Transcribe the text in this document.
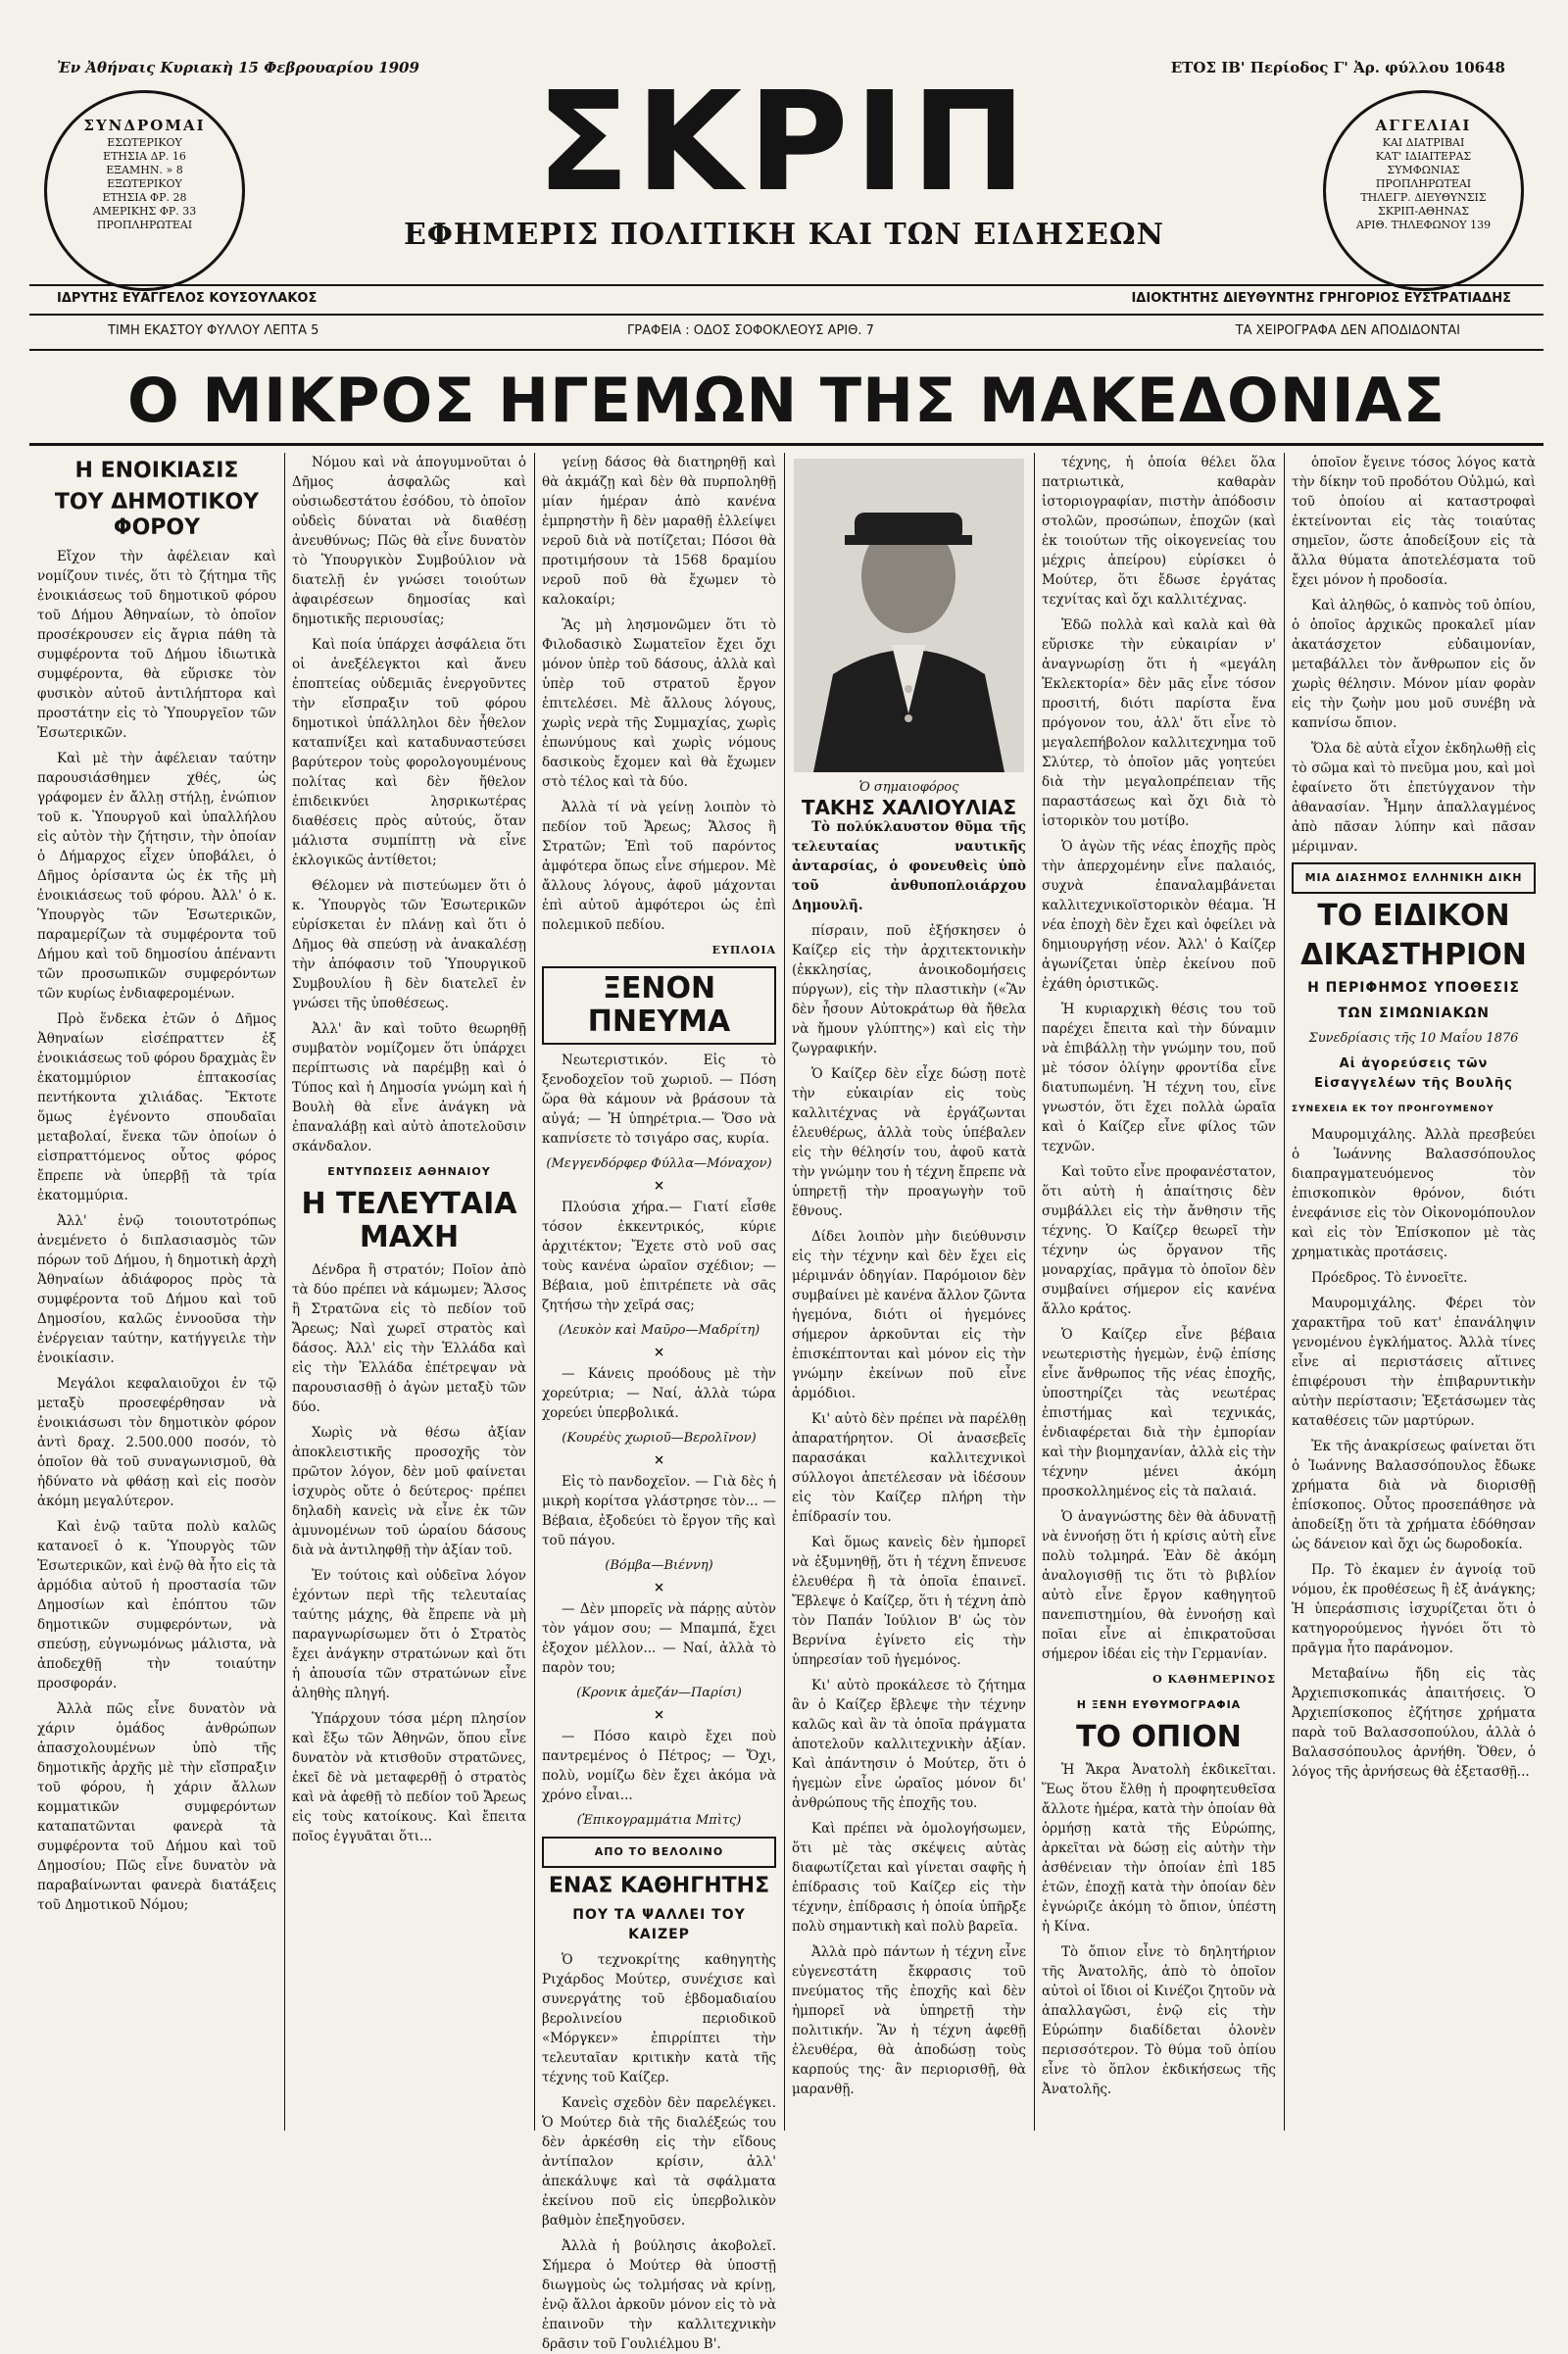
Ἐν Ἀθήναις Κυριακὴ 15 Φεβρουαρίου 1909	ΕΤΟΣ ΙΒ' Περίοδος Γ' Ἀρ. φύλλου 10648
ΣΥΝΔΡΟΜΑΙ
ΕΣΩΤΕΡΙΚΟΥ
ΕΤΗΣΙΑ ΔΡ. 16
ΕΞΑΜΗΝ. » 8
ΕΞΩΤΕΡΙΚΟΥ
ΕΤΗΣΙΑ ΦΡ. 28
ΑΜΕΡΙΚΗΣ ΦΡ. 33
ΠΡΟΠΛΗΡΩΤΕΑΙ
ΑΓΓΕΛΙΑΙ
ΚΑΙ ΔΙΑΤΡΙΒΑΙ
ΚΑΤ' ΙΔΙΑΙΤΕΡΑΣ
ΣΥΜΦΩΝΙΑΣ
ΠΡΟΠΛΗΡΩΤΕΑΙ
ΤΗΛΕΓΡ. ΔΙΕΥΘΥΝΣΙΣ
ΣΚΡΙΠ-ΑΘΗΝΑΣ
ΑΡΙΘ. ΤΗΛΕΦΩΝΟΥ 139
ΣΚΡΙΠ
ΕΦΗΜΕΡΙΣ ΠΟΛΙΤΙΚΗ ΚΑΙ ΤΩΝ ΕΙΔΗΣΕΩΝ
ΙΔΡΥΤΗΣ ΕΥΑΓΓΕΛΟΣ ΚΟΥΣΟΥΛΑΚΟΣ	ΙΔΙΟΚΤΗΤΗΣ ΔΙΕΥΘΥΝΤΗΣ ΓΡΗΓΟΡΙΟΣ ΕΥΣΤΡΑΤΙΑΔΗΣ
ΤΙΜΗ ΕΚΑΣΤΟΥ ΦΥΛΛΟΥ ΛΕΠΤΑ 5	ΓΡΑΦΕΙΑ : ΟΔΟΣ ΣΟΦΟΚΛΕΟΥΣ ΑΡΙΘ. 7	ΤΑ ΧΕΙΡΟΓΡΑΦΑ ΔΕΝ ΑΠΟΔΙΔΟΝΤΑΙ
Ο ΜΙΚΡΟΣ ΗΓΕΜΩΝ ΤΗΣ ΜΑΚΕΔΟΝΙΑΣ
Η ΕΝΟΙΚΙΑΣΙΣ
ΤΟΥ ΔΗΜΟΤΙΚΟΥ ΦΟΡΟΥ

Εἴχον τὴν ἀφέλειαν καὶ νομίζουν τινές, ὅτι τὸ ζήτημα τῆς ἐνοικιάσεως τοῦ δημοτικοῦ φόρου τοῦ Δήμου Ἀθηναίων, τὸ ὁποῖον προσέκρουσεν εἰς ἄγρια πάθη τὰ συμφέροντα τοῦ Δήμου ἰδιωτικὰ συμφέροντα, θὰ εὕρισκε τὸν φυσικὸν αὐτοῦ ἀντιλήπτορα καὶ προστάτην εἰς τὸ Ὑπουργεῖον τῶν Ἐσωτερικῶν.

Καὶ μὲ τὴν ἀφέλειαν ταύτην παρουσιάσθημεν χθές, ὡς γράφομεν ἐν ἄλλῃ στήλῃ, ἐνώπιον τοῦ κ. Ὑπουργοῦ καὶ ὑπαλλήλου εἰς αὐτὸν τὴν ζήτησιν, τὴν ὁποίαν ὁ Δήμαρχος εἶχεν ὑποβάλει, ὁ Δῆμος ὁρίσαντα ὡς ἐκ τῆς μὴ ἐνοικιάσεως τοῦ φόρου. Ἀλλ' ὁ κ. Ὑπουργὸς τῶν Ἐσωτερικῶν, παραμερίζων τὰ συμφέροντα τοῦ Δήμου καὶ τοῦ δημοσίου ἀπέναντι τῶν προσωπικῶν συμφερόντων τῶν κυρίως ἐνδιαφερομένων.

Πρὸ ἕνδεκα ἐτῶν ὁ Δῆμος Ἀθηναίων εἰσέπραττεν ἐξ ἐνοικιάσεως τοῦ φόρου δραχμὰς ἓν ἑκατομμύριον ἑπτακοσίας πεντήκοντα χιλιάδας. Ἔκτοτε ὅμως ἐγένοντο σπουδαῖαι μεταβολαί, ἕνεκα τῶν ὁποίων ὁ εἰσπραττόμενος οὗτος φόρος ἔπρεπε νὰ ὑπερβῇ τὰ τρία ἑκατομμύρια.

Ἀλλ' ἐνῷ τοιουτοτρόπως ἀνεμένετο ὁ διπλασιασμὸς τῶν πόρων τοῦ Δήμου, ἡ δημοτικὴ ἀρχὴ Ἀθηναίων ἀδιάφορος πρὸς τὰ συμφέροντα τοῦ Δήμου καὶ τοῦ Δημοσίου, καλῶς ἐννοοῦσα τὴν ἐνέργειαν ταύτην, κατήγγειλε τὴν ἐνοικίασιν.

Μεγάλοι κεφαλαιοῦχοι ἐν τῷ μεταξὺ προσεφέρθησαν νὰ ἐνοικιάσωσι τὸν δημοτικὸν φόρον ἀντὶ δραχ. 2.500.000 ποσόν, τὸ ὁποῖον θὰ τοῦ συναγωνισμοῦ, θὰ ἠδύνατο νὰ φθάσῃ καὶ εἰς ποσὸν ἀκόμη μεγαλύτερον.

Καὶ ἐνῷ ταῦτα πολὺ καλῶς κατανοεῖ ὁ κ. Ὑπουργὸς τῶν Ἐσωτερικῶν, καὶ ἐνῷ θὰ ἦτο εἰς τὰ ἀρμόδια αὐτοῦ ἡ προστασία τῶν Δημοσίων καὶ ἐπόπτου τῶν δημοτικῶν συμφερόντων, νὰ σπεύσῃ, εὐγνωμόνως μάλιστα, νὰ ἀποδεχθῇ τὴν τοιαύτην προσφοράν.

Ἀλλὰ πῶς εἶνε δυνατὸν νὰ χάριν ὁμάδος ἀνθρώπων ἀπασχολουμένων ὑπὸ τῆς δημοτικῆς ἀρχῆς μὲ τὴν εἴσπραξιν τοῦ φόρου, ἡ χάριν ἄλλων κομματικῶν συμφερόντων καταπατῶνται φανερὰ τὰ συμφέροντα τοῦ Δήμου καὶ τοῦ Δημοσίου; Πῶς εἶνε δυνατὸν νὰ παραβαίνωνται φανερὰ διατάξεις τοῦ Δημοτικοῦ Νόμου;

Νόμου καὶ νὰ ἀπογυμνοῦται ὁ Δῆμος ἀσφαλῶς καὶ οὐσιωδεστάτου ἐσόδου, τὸ ὁποῖον οὐδεὶς δύναται νὰ διαθέσῃ ἀνευθύνως; Πῶς θὰ εἶνε δυνατὸν τὸ Ὑπουργικὸν Συμβούλιον νὰ διατελῇ ἐν γνώσει τοιούτων ἀφαιρέσεων δημοσίας καὶ δημοτικῆς περιουσίας;

Καὶ ποία ὑπάρχει ἀσφάλεια ὅτι οἱ ἀνεξέλεγκτοι καὶ ἄνευ ἐποπτείας οὐδεμιᾶς ἐνεργοῦντες τὴν εἴσπραξιν τοῦ φόρου δημοτικοὶ ὑπάλληλοι δὲν ἦθελον καταπνίξει καὶ καταδυναστεύσει βαρύτερον τοὺς φορολογουμένους πολίτας καὶ δὲν ἤθελον ἐπιδεικνύει λησρικωτέρας διαθέσεις πρὸς αὐτούς, ὅταν μάλιστα συμπίπτῃ νὰ εἶνε ἐκλογικῶς ἀντίθετοι;

Θέλομεν νὰ πιστεύωμεν ὅτι ὁ κ. Ὑπουργὸς τῶν Ἐσωτερικῶν εὑρίσκεται ἐν πλάνῃ καὶ ὅτι ὁ Δῆμος θὰ σπεύσῃ νὰ ἀνακαλέσῃ τὴν ἀπόφασιν τοῦ Ὑπουργικοῦ Συμβουλίου ἢ δὲν διατελεῖ ἐν γνώσει τῆς ὑποθέσεως.

Ἀλλ' ἂν καὶ τοῦτο θεωρηθῇ συμβατὸν νομίζομεν ὅτι ὑπάρχει περίπτωσις νὰ παρέμβῃ καὶ ὁ Τύπος καὶ ἡ Δημοσία γνώμη καὶ ἡ Βουλὴ θὰ εἶνε ἀνάγκη νὰ ἐπαναλάβῃ καὶ αὐτὸ ἀποτελοῦσιν σκάνδαλον.

ΕΝΤΥΠΩΣΕΙΣ ΑΘΗΝΑΙΟΥ
Η ΤΕΛΕΥΤΑΙΑ ΜΑΧΗ

Δένδρα ἢ στρατόν; Ποῖον ἀπὸ τὰ δύο πρέπει νὰ κάμωμεν; Ἄλσος ἢ Στρατῶνα εἰς τὸ πεδίον τοῦ Ἄρεως; Ναὶ χωρεῖ στρατὸς καὶ δάσος. Ἀλλ' εἰς τὴν Ἑλλάδα καὶ εἰς τὴν Ἑλλάδα ἐπέτρεψαν νὰ παρουσιασθῇ ὁ ἀγὼν μεταξὺ τῶν δύο.

Χωρὶς νὰ θέσω ἀξίαν ἀποκλειστικῆς προσοχῆς τὸν πρῶτον λόγον, δὲν μοῦ φαίνεται ἰσχυρὸς οὔτε ὁ δεύτερος· πρέπει δηλαδὴ κανεὶς νὰ εἶνε ἐκ τῶν ἀμυνομένων τοῦ ὡραίου δάσους διὰ νὰ ἀντιληφθῇ τὴν ἀξίαν τοῦ.

Ἐν τούτοις καὶ οὐδεῖνα λόγον ἐχόντων περὶ τῆς τελευταίας ταύτης μάχης, θὰ ἔπρεπε νὰ μὴ παραγνωρίσωμεν ὅτι ὁ Στρατὸς ἔχει ἀνάγκην στρατώνων καὶ ὅτι ἡ ἀπουσία τῶν στρατώνων εἶνε ἀληθὴς πληγή.

Ὑπάρχουν τόσα μέρη πλησίον καὶ ἔξω τῶν Ἀθηνῶν, ὅπου εἶνε δυνατὸν νὰ κτισθοῦν στρατῶνες, ἐκεῖ δὲ νὰ μεταφερθῇ ὁ στρατὸς καὶ νὰ ἀφεθῇ τὸ πεδίον τοῦ Ἄρεως εἰς τοὺς κατοίκους. Καὶ ἔπειτα ποῖος ἐγγυᾶται ὅτι...

γείνῃ δάσος θὰ διατηρηθῇ καὶ θὰ ἀκμάζῃ καὶ δὲν θὰ πυρποληθῇ μίαν ἡμέραν ἀπὸ κανένα ἐμπρηστὴν ἢ δὲν μαραθῇ ἐλλείψει νεροῦ διὰ νὰ ποτίζεται; Πόσοι θὰ προτιμήσουν τὰ 1568 δραμίου νεροῦ ποῦ θὰ ἔχωμεν τὸ καλοκαίρι;

Ἂς μὴ λησμονῶμεν ὅτι τὸ Φιλοδασικὸ Σωματεῖον ἔχει ὄχι μόνον ὑπὲρ τοῦ δάσους, ἀλλὰ καὶ ὑπὲρ τοῦ στρατοῦ ἔργον ἐπιτελέσει. Μὲ ἄλλους λόγους, χωρὶς νερὰ τῆς Συμμαχίας, χωρὶς ἐπωνύμους καὶ χωρὶς νόμους δασικοὺς ἔχομεν καὶ θὰ ἔχωμεν στὸ τέλος καὶ τὰ δύο.

Ἀλλὰ τί νὰ γείνῃ λοιπὸν τὸ πεδίον τοῦ Ἄρεως; Ἄλσος ἢ Στρατῶν; Ἐπὶ τοῦ παρόντος ἀμφότερα ὅπως εἶνε σήμερον. Μὲ ἄλλους λόγους, ἀφοῦ μάχονται ἐπὶ αὐτοῦ ἀμφότεροι ὡς ἐπὶ πολεμικοῦ πεδίου.

ΕΥΠΛΟΙΑ
ΞΕΝΟΝ ΠΝΕΥΜΑ

Νεωτεριστικόν. Εἰς τὸ ξενοδοχεῖον τοῦ χωριοῦ. — Πόση ὥρα θὰ κάμουν νὰ βράσουν τὰ αὐγά; — Ἡ ὑπηρέτρια.— Ὅσο νὰ καπνίσετε τὸ τσιγάρο σας, κυρία.

(Μεγγενδόρφερ Φύλλα—Μόναχον)
×

Πλούσια χήρα.— Γιατί εἶσθε τόσον ἐκκεντρικός, κύριε ἀρχιτέκτον; Ἔχετε στὸ νοῦ σας τοὺς κανένα ὡραῖον σχέδιον; — Βέβαια, μοῦ ἐπιτρέπετε νὰ σᾶς ζητήσω τὴν χεῖρά σας;

(Λευκὸν καὶ Μαῦρο—Μαδρίτη)
×

— Κάνεις προόδους μὲ τὴν χορεύτρια; — Ναί, ἀλλὰ τώρα χορεύει ὑπερβολικά.

(Κουρέὺς χωριοῦ—Βερολῖνον)
×

Εἰς τὸ πανδοχεῖον. — Γιὰ δὲς ἡ μικρὴ κορίτσα γλάστρησε τὸν... — Βέβαια, ἐξοδεύει τὸ ἔργον τῆς καὶ τοῦ πάγου.

(Βόμβα—Βιέννη)
×

— Δὲν μπορεῖς νὰ πάρῃς αὐτὸν τὸν γάμον σου; — Μπαμπά, ἔχει ἐξοχον μέλλον... — Ναί, ἀλλὰ τὸ παρὸν του;

(Κρονικ ἀμεζάν—Παρίσι)
×

— Πόσο καιρὸ ἔχει ποὺ παντρεμένος ὁ Πέτρος; — Ὄχι, πολὺ, νομίζω δὲν ἔχει ἀκόμα νὰ χρόνο εἶναι...

(Ἐπικογραμμάτια Μπὶτς)
ΑΠΟ ΤΟ ΒΕΛΟΛΙΝΟ
ΕΝΑΣ ΚΑΘΗΓΗΤΗΣ
ΠΟΥ ΤΑ ΨΑΛΛΕΙ ΤΟΥ ΚΑΙΖΕΡ

Ὁ τεχνοκρίτης καθηγητὴς Ριχάρδος Μούτερ, συνέχισε καὶ συνεργάτης τοῦ ἑβδομαδιαίου βερολινείου περιοδικοῦ «Μόργκεν» ἐπιρρίπτει τὴν τελευταῖαν κριτικὴν κατὰ τῆς τέχνης τοῦ Καίζερ.

Κανεὶς σχεδὸν δὲν παρελέγκει. Ὁ Μούτερ διὰ τῆς διαλέξεώς του δὲν ἀρκέσθη εἰς τὴν εἴδους ἀντίπαλον κρίσιν, ἀλλ' ἀπεκάλυψε καὶ τὰ σφάλματα ἐκείνου ποῦ εἰς ὑπερβολικὸν βαθμὸν ἐπεξηγοῦσεν.

Ἀλλὰ ἡ βούλησις ἀκοβολεῖ. Σήμερα ὁ Μούτερ θὰ ὑποστῇ διωγμοὺς ὡς τολμήσας νὰ κρίνῃ, ἐνῷ ἄλλοι ἀρκοῦν μόνον εἰς τὸ νὰ ἐπαινοῦν τὴν καλλιτεχνικὴν δρᾶσιν τοῦ Γουλιέλμου Β'.

Ὁ σημαιοφόρος
ΤΑΚΗΣ ΧΑΛΙΟΥΛΙΑΣ

Τὸ πολύκλαυστον θῦμα τῆς τελευταίας ναυτικῆς ἀνταρσίας, ὁ φονευθεὶς ὑπὸ τοῦ ἀνθυποπλοιάρχου Δημουλῆ.

πίσραιν, ποῦ ἐξήσκησεν ὁ Καίζερ εἰς τὴν ἀρχιτεκτονικὴν (ἐκκλησίας, ἀνοικοδομήσεις πύργων), εἰς τὴν πλαστικὴν («Ἂν δὲν ἦσουν Αὐτοκράτωρ θὰ ἤθελα νὰ ἤμουν γλύπτης») καὶ εἰς τὴν ζωγραφικήν.

Ὁ Καίζερ δὲν εἶχε δώσῃ ποτὲ τὴν εὐκαιρίαν εἰς τοὺς καλλιτέχνας νὰ ἐργάζωνται ἐλευθέρως, ἀλλὰ τοὺς ὑπέβαλεν εἰς τὴν θέλησίν του, ἀφοῦ κατὰ τὴν γνώμην του ἡ τέχνη ἔπρεπε νὰ ὑπηρετῇ τὴν προαγωγὴν τοῦ ἔθνους.

Δίδει λοιπὸν μὴν διεύθυνσιν εἰς τὴν τέχνην καὶ δὲν ἔχει εἰς μέριμνάν ὁδηγίαν. Παρόμοιον δὲν συμβαίνει μὲ κανένα ἄλλον ζῶντα ἡγεμόνα, διότι οἱ ἡγεμόνες σήμερον ἀρκοῦνται εἰς τὴν ἐπισκέπτονται καὶ μόνον εἰς τὴν γνώμην ἐκείνων ποῦ εἶνε ἁρμόδιοι.

Κι' αὐτὸ δὲν πρέπει νὰ παρέλθῃ ἀπαρατήρητον. Οἱ ἀνασεβεῖς παρασάκαι καλλιτεχνικοὶ σύλλογοι ἀπετέλεσαν νὰ ἰδέσουν εἰς τὸν Καίζερ πλήρη τὴν ἐπίδρασίν του.

Καὶ ὅμως κανεὶς δὲν ἠμπορεῖ νὰ ἐξυμνηθῇ, ὅτι ἡ τέχνη ἔπνευσε ἐλευθέρα ἢ τὰ ὁποῖα ἐπαινεῖ. Ἔβλεψε ὁ Καίζερ, ὅτι ἡ τέχνη ἀπὸ τὸν Παπάν Ἰούλιον Β' ὡς τὸν Βερνίνα ἐγίνετο εἰς τὴν ὑπηρεσίαν τοῦ ἡγεμόνος.

Κι' αὐτὸ προκάλεσε τὸ ζήτημα ἂν ὁ Καίζερ ἔβλεψε τὴν τέχνην καλῶς καὶ ἂν τὰ ὁποῖα πράγματα ἀποτελοῦν καλλιτεχνικὴν ἀξίαν. Καὶ ἀπάντησιν ὁ Μούτερ, ὅτι ὁ ἡγεμὼν εἶνε ὡραῖος μόνον δι' ἀνθρώπους τῆς ἐποχῆς του.

Καὶ πρέπει νὰ ὁμολογήσωμεν, ὅτι μὲ τὰς σκέψεις αὐτὰς διαφωτίζεται καὶ γίνεται σαφῆς ἡ ἐπίδρασις τοῦ Καίζερ εἰς τὴν τέχνην, ἐπίδρασις ἡ ὁποία ὑπῆρξε πολὺ σημαντικὴ καὶ πολὺ βαρεῖα.

Ἀλλὰ πρὸ πάντων ἡ τέχνη εἶνε εὐγενεστάτη ἔκφρασις τοῦ πνεύματος τῆς ἐποχῆς καὶ δὲν ἠμπορεῖ νὰ ὑπηρετῇ τὴν πολιτικήν. Ἂν ἡ τέχνη ἀφεθῇ ἐλευθέρα, θὰ ἀποδώσῃ τοὺς καρπούς της· ἂν περιορισθῇ, θὰ μαρανθῇ.

τέχνης, ἡ ὁποία θέλει ὅλα πατριωτικὰ, καθαρὰν ἱστοριογραφίαν, πιστὴν ἀπόδοσιν στολῶν, προσώπων, ἐποχῶν (καὶ ἐκ τοιούτων τῆς οἰκογενείας του μέχρις ἀπείρου) εὑρίσκει ὁ Μούτερ, ὅτι ἔδωσε ἐργάτας τεχνίτας καὶ ὄχι καλλιτέχνας.

Ἐδῶ πολλὰ καὶ καλὰ καὶ θὰ εὕρισκε τὴν εὐκαιρίαν ν' ἀναγνωρίσῃ ὅτι ἡ «μεγάλη Ἐκλεκτορία» δὲν μᾶς εἶνε τόσον προσιτή, διότι παρίστα ἕνα πρόγονον του, ἀλλ' ὅτι εἶνε τὸ μεγαλεπήβολον καλλιτεχνημα τοῦ Σλύτερ, τὸ ὁποῖον μᾶς γοητεύει διὰ τὴν μεγαλοπρέπειαν τῆς παραστάσεως καὶ ὄχι διὰ τὸ ἱστορικὸν του μοτίβο.

Ὁ ἀγὼν τῆς νέας ἐποχῆς πρὸς τὴν ἀπερχομένην εἶνε παλαιός, συχνὰ ἐπαναλαμβάνεται καλλιτεχνικοϊστορικὸν θέαμα. Ἡ νέα ἐποχὴ δὲν ἔχει καὶ ὀφείλει νὰ δημιουργήσῃ νέον. Ἀλλ' ὁ Καίζερ ἀγωνίζεται ὑπὲρ ἐκείνου ποῦ ἐχάθη ὁριστικῶς.

Ἡ κυριαρχικὴ θέσις του τοῦ παρέχει ἔπειτα καὶ τὴν δύναμιν νὰ ἐπιβάλλῃ τὴν γνώμην του, ποῦ μὲ τόσον ὀλίγην φροντίδα εἶνε διατυπωμένη. Ἡ τέχνη του, εἶνε γνωστόν, ὅτι ἔχει πολλὰ ὡραῖα καὶ ὁ Καίζερ εἶνε φίλος τῶν τεχνῶν.

Καὶ τοῦτο εἶνε προφανέστατον, ὅτι αὐτὴ ἡ ἀπαίτησις δὲν συμβάλλει εἰς τὴν ἄνθησιν τῆς τέχνης. Ὁ Καίζερ θεωρεῖ τὴν τέχνην ὡς ὄργανον τῆς μοναρχίας, πρᾶγμα τὸ ὁποῖον δὲν συμβαίνει σήμερον εἰς κανένα ἄλλο κράτος.

Ὁ Καίζερ εἶνε βέβαια νεωτεριστὴς ἡγεμὼν, ἐνῷ ἐπίσης εἶνε ἄνθρωπος τῆς νέας ἐποχῆς, ὑποστηρίζει τὰς νεωτέρας ἐπιστήμας καὶ τεχνικάς, ἐνδιαφέρεται διὰ τὴν ἐμπορίαν καὶ τὴν βιομηχανίαν, ἀλλὰ εἰς τὴν τέχνην μένει ἀκόμη προσκολλημένος εἰς τὰ παλαιά.

Ὁ ἀναγνώστης δὲν θὰ ἀδυνατῇ νὰ ἐννοήσῃ ὅτι ἡ κρίσις αὐτὴ εἶνε πολὺ τολμηρά. Ἐὰν δὲ ἀκόμη ἀναλογισθῇ τις ὅτι τὸ βιβλίον αὐτὸ εἶνε ἔργον καθηγητοῦ πανεπιστημίου, θὰ ἐννοήσῃ καὶ ποῖαι εἶνε αἱ ἐπικρατοῦσαι σήμερον ἰδέαι εἰς τὴν Γερμανίαν.

Ο ΚΑΘΗΜΕΡΙΝΟΣ
Η ΞΕΝΗ ΕΥΘΥΜΟΓΡΑΦΙΑ
ΤΟ ΟΠΙΟΝ

Ἡ Ἄκρα Ἀνατολὴ ἐκδικεῖται. Ἕως ὅτου ἔλθῃ ἡ προφητευθεῖσα ἄλλοτε ἡμέρα, κατὰ τὴν ὁποίαν θὰ ὁρμήσῃ κατὰ τῆς Εὐρώπης, ἀρκεῖται νὰ δώσῃ εἰς αὐτὴν τὴν ἀσθένειαν τὴν ὁποίαν ἐπὶ 185 ἐτῶν, ἐποχῇ κατὰ τὴν ὁποίαν δὲν ἐγνώριζε ἀκόμη τὸ ὄπιον, ὑπέστη ἡ Κίνα.

Τὸ ὄπιον εἶνε τὸ δηλητήριον τῆς Ἀνατολῆς, ἀπὸ τὸ ὁποῖον αὐτοὶ οἱ ἴδιοι οἱ Κινέζοι ζητοῦν νὰ ἀπαλλαγῶσι, ἐνῷ εἰς τὴν Εὐρώπην διαδίδεται ὁλονὲν περισσότερον. Τὸ θύμα τοῦ ὀπίου εἶνε τὸ ὅπλον ἐκδικήσεως τῆς Ἀνατολῆς.

ὁποῖον ἔγεινε τόσος λόγος κατὰ τὴν δίκην τοῦ προδότου Οὐλμώ, καὶ τοῦ ὁποίου αἱ καταστροφαὶ ἐκτείνονται εἰς τὰς τοιαύτας σημεῖον, ὥστε ἀποδείξουν εἰς τὰ ἄλλα θύματα ἀποτελέσματα τοῦ ἔχει μόνον ἡ προδοσία.

Καὶ ἀληθῶς, ὁ καπνὸς τοῦ ὀπίου, ὁ ὁποῖος ἀρχικῶς προκαλεῖ μίαν ἀκατάσχετον εὐδαιμονίαν, μεταβάλλει τὸν ἄνθρωπον εἰς ὄν χωρὶς θέλησιν. Μόνον μίαν φορὰν εἰς τὴν ζωὴν μου μοῦ συνέβη νὰ καπνίσω ὄπιον.

Ὅλα δὲ αὐτὰ εἶχον ἐκδηλωθῇ εἰς τὸ σῶμα καὶ τὸ πνεῦμα μου, καὶ μοὶ ἐφαίνετο ὅτι ἐπετύγχανον τὴν ἀθανασίαν. Ἦμην ἀπαλλαγμένος ἀπὸ πᾶσαν λύπην καὶ πᾶσαν μέριμναν.

ΜΙΑ ΔΙΑΣΗΜΟΣ ΕΛΛΗΝΙΚΗ ΔΙΚΗ
ΤΟ ΕΙΔΙΚΟΝ
ΔΙΚΑΣΤΗΡΙΟΝ
Η ΠΕΡΙΦΗΜΟΣ ΥΠΟΘΕΣΙΣ
ΤΩΝ ΣΙΜΩΝΙΑΚΩΝ
Συνεδρίασις τῆς 10 Μαΐου 1876
Αἱ ἀγορεύσεις τῶν Εἰσαγγελέων τῆς Βουλῆς
ΣΥΝΕΧΕΙΑ ΕΚ ΤΟΥ ΠΡΟΗΓΟΥΜΕΝΟΥ

Μαυρομιχάλης. Ἀλλὰ πρεσβεύει ὁ Ἰωάννης Βαλασσόπουλος διαπραγματευόμενος τὸν ἐπισκοπικὸν θρόνον, διότι ἐνεφάνισε εἰς τὸν Οἰκονομόπουλον καὶ εἰς τὸν Ἐπίσκοπον μὲ τὰς χρηματικὰς προτάσεις.

Πρόεδρος. Τὸ ἐννοεῖτε.

Μαυρομιχάλης. Φέρει τὸν χαρακτῆρα τοῦ κατ' ἐπανάληψιν γενομένου ἐγκλήματος. Ἀλλὰ τίνες εἶνε αἱ περιστάσεις αἵτινες ἐπιφέρουσι τὴν ἐπιβαρυντικὴν αὐτὴν περίστασιν; Ἐξετάσωμεν τὰς καταθέσεις τῶν μαρτύρων.

Ἐκ τῆς ἀνακρίσεως φαίνεται ὅτι ὁ Ἰωάννης Βαλασσόπουλος ἔδωκε χρήματα διὰ νὰ διορισθῇ ἐπίσκοπος. Οὗτος προσεπάθησε νὰ ἀποδείξῃ ὅτι τὰ χρήματα ἐδόθησαν ὡς δάνειον καὶ ὄχι ὡς δωροδοκία.

Πρ. Τὸ ἐκαμεν ἐν ἀγνοίᾳ τοῦ νόμου, ἐκ προθέσεως ἢ ἐξ ἀνάγκης; Ἡ ὑπεράσπισις ἰσχυρίζεται ὅτι ὁ κατηγορούμενος ἠγνόει ὅτι τὸ πρᾶγμα ἦτο παράνομον.

Μεταβαίνω ἤδη εἰς τὰς Ἀρχιεπισκοπικάς ἀπαιτήσεις. Ὁ Ἀρχιεπίσκοπος ἐζήτησε χρήματα παρὰ τοῦ Βαλασσοπούλου, ἀλλὰ ὁ Βαλασσόπουλος ἀρνήθη. Ὅθεν, ὁ λόγος τῆς ἀρνήσεως θὰ ἐξετασθῇ...
